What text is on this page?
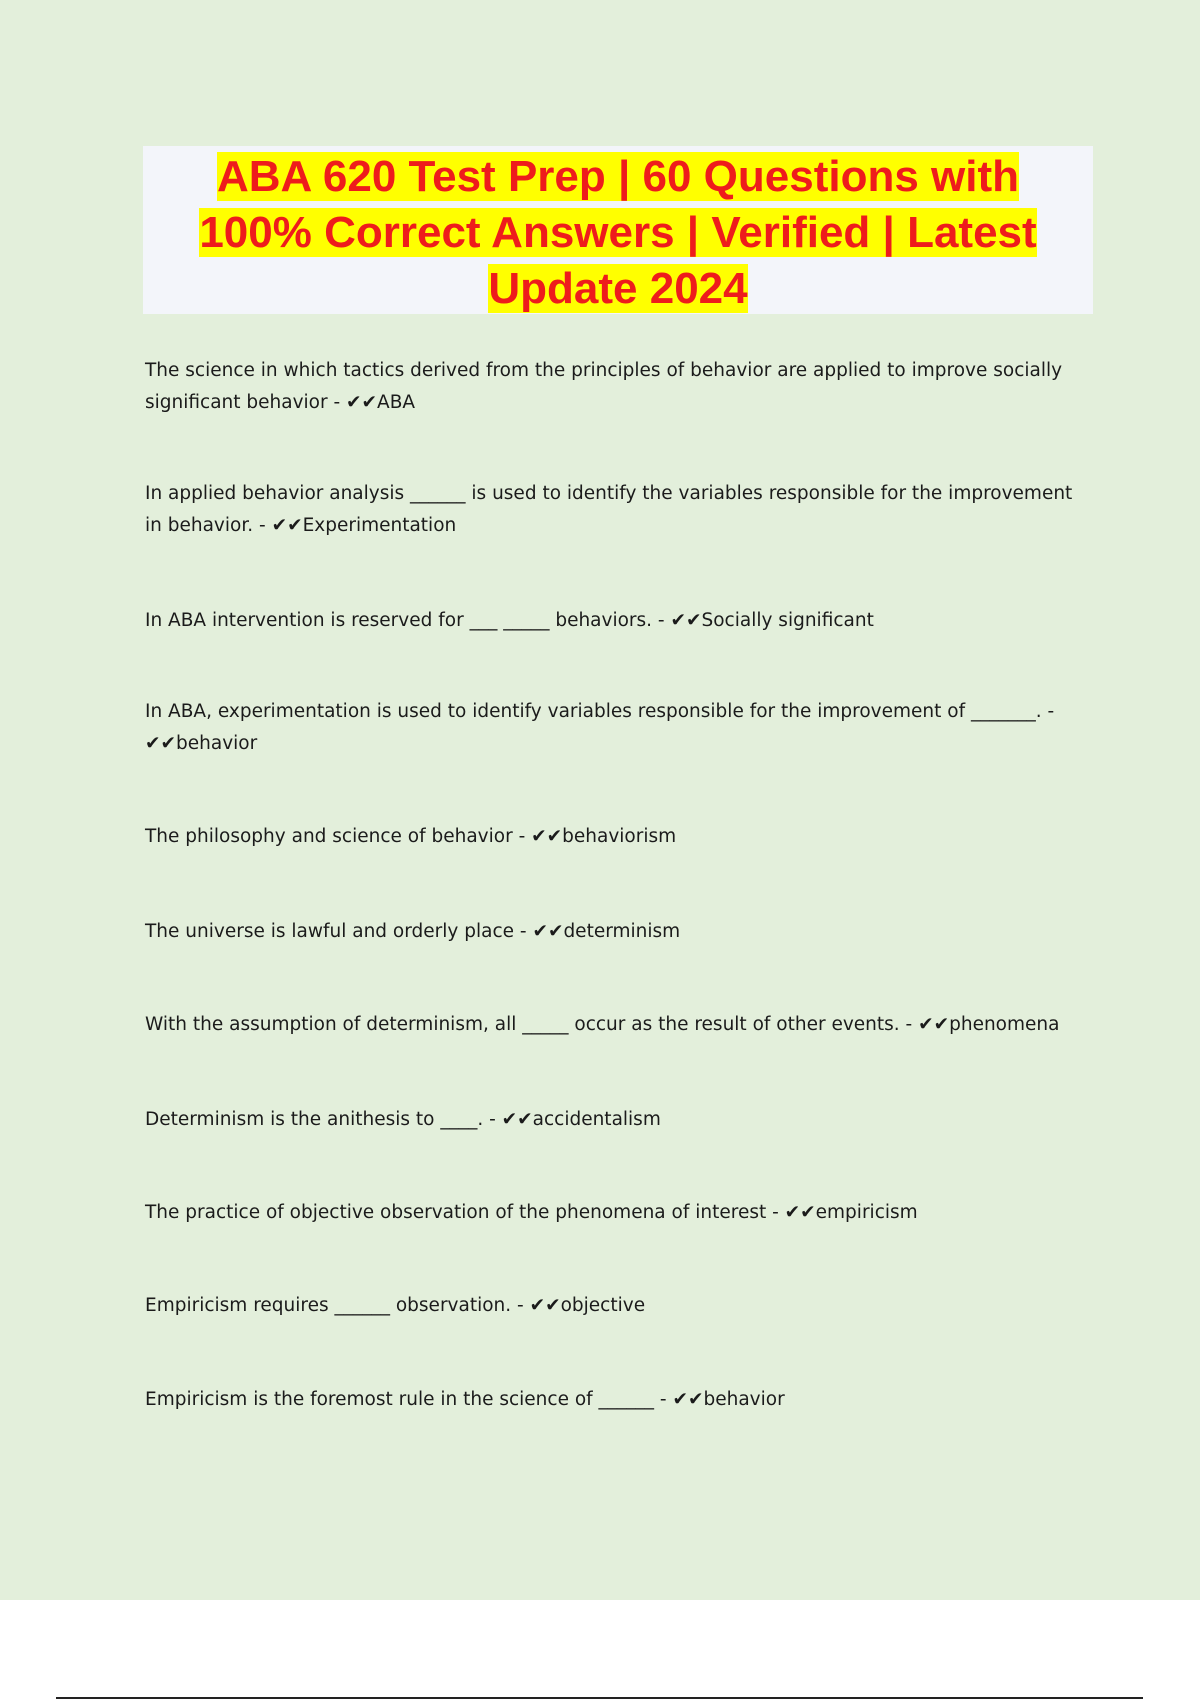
ABA 620 Test Prep | 60 Questions with
100% Correct Answers | Verified | Latest
Update 2024
The science in which tactics derived from the principles of behavior are applied to improve socially significant behavior - ✔✔ABA
In applied behavior analysis ______ is used to identify the variables responsible for the improvement in behavior. - ✔✔Experimentation
In ABA intervention is reserved for ___ _____ behaviors. - ✔✔Socially significant
In ABA, experimentation is used to identify variables responsible for the improvement of _______. - ✔✔behavior
The philosophy and science of behavior - ✔✔behaviorism
The universe is lawful and orderly place - ✔✔determinism
With the assumption of determinism, all _____ occur as the result of other events. - ✔✔phenomena
Determinism is the anithesis to ____. - ✔✔accidentalism
The practice of objective observation of the phenomena of interest - ✔✔empiricism
Empiricism requires ______ observation. - ✔✔objective
Empiricism is the foremost rule in the science of ______ - ✔✔behavior
